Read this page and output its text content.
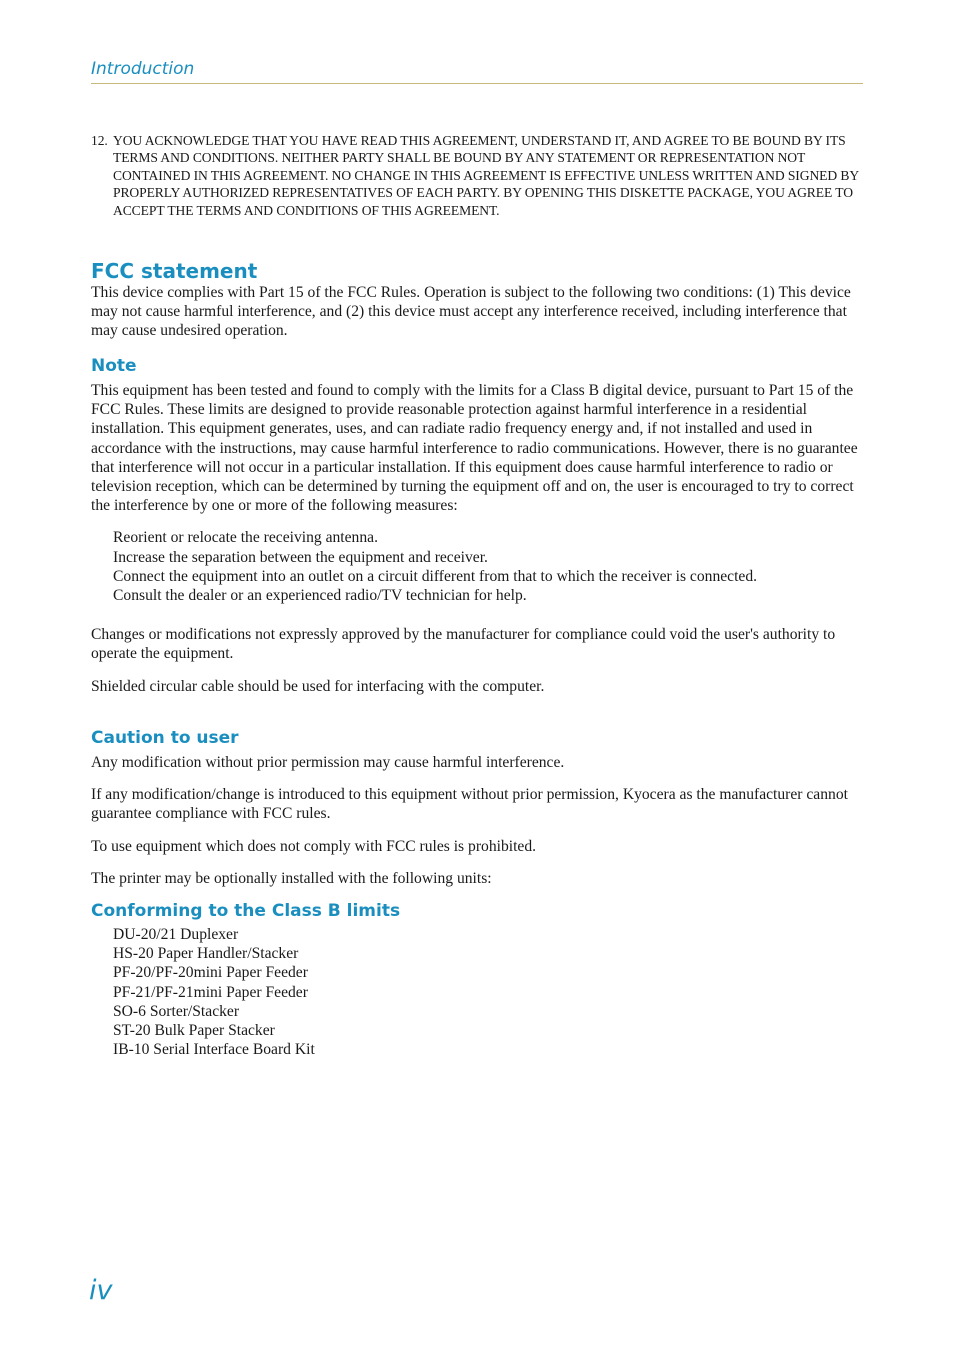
Introduction
12. YOU ACKNOWLEDGE THAT YOU HAVE READ THIS AGREEMENT, UNDERSTAND IT, AND AGREE TO BE BOUND BY ITS TERMS AND CONDITIONS. NEITHER PARTY SHALL BE BOUND BY ANY STATEMENT OR REPRESENTATION NOT CONTAINED IN THIS AGREEMENT. NO CHANGE IN THIS AGREEMENT IS EFFECTIVE UNLESS WRITTEN AND SIGNED BY PROPERLY AUTHORIZED REPRESENTATIVES OF EACH PARTY. BY OPENING THIS DISKETTE PACKAGE, YOU AGREE TO ACCEPT THE TERMS AND CONDITIONS OF THIS AGREEMENT.
FCC statement

This device complies with Part 15 of the FCC Rules. Operation is subject to the following two conditions: (1) This device may not cause harmful interference, and (2) this device must accept any interference received, including interference that may cause undesired operation.

Note

This equipment has been tested and found to comply with the limits for a Class B digital device, pursuant to Part 15 of the FCC Rules. These limits are designed to provide reasonable protection against harmful interference in a residential installation. This equipment generates, uses, and can radiate radio frequency energy and, if not installed and used in accordance with the instructions, may cause harmful interference to radio communications. However, there is no guarantee that interference will not occur in a particular installation. If this equipment does cause harmful interference to radio or television reception, which can be determined by turning the equipment off and on, the user is encouraged to try to correct the interference by one or more of the following measures:

Reorient or relocate the receiving antenna.
Increase the separation between the equipment and receiver.
Connect the equipment into an outlet on a circuit different from that to which the receiver is connected.
Consult the dealer or an experienced radio/TV technician for help.

Changes or modifications not expressly approved by the manufacturer for compliance could void the user's authority to operate the equipment.

Shielded circular cable should be used for interfacing with the computer.

Caution to user

Any modification without prior permission may cause harmful interference.

If any modification/change is introduced to this equipment without prior permission, Kyocera as the manufacturer cannot guarantee compliance with FCC rules.

To use equipment which does not comply with FCC rules is prohibited.

The printer may be optionally installed with the following units:

Conforming to the Class B limits
DU-20/21 Duplexer
HS-20 Paper Handler/Stacker
PF-20/PF-20mini Paper Feeder
PF-21/PF-21mini Paper Feeder
SO-6 Sorter/Stacker
ST-20 Bulk Paper Stacker
IB-10 Serial Interface Board Kit
iv
